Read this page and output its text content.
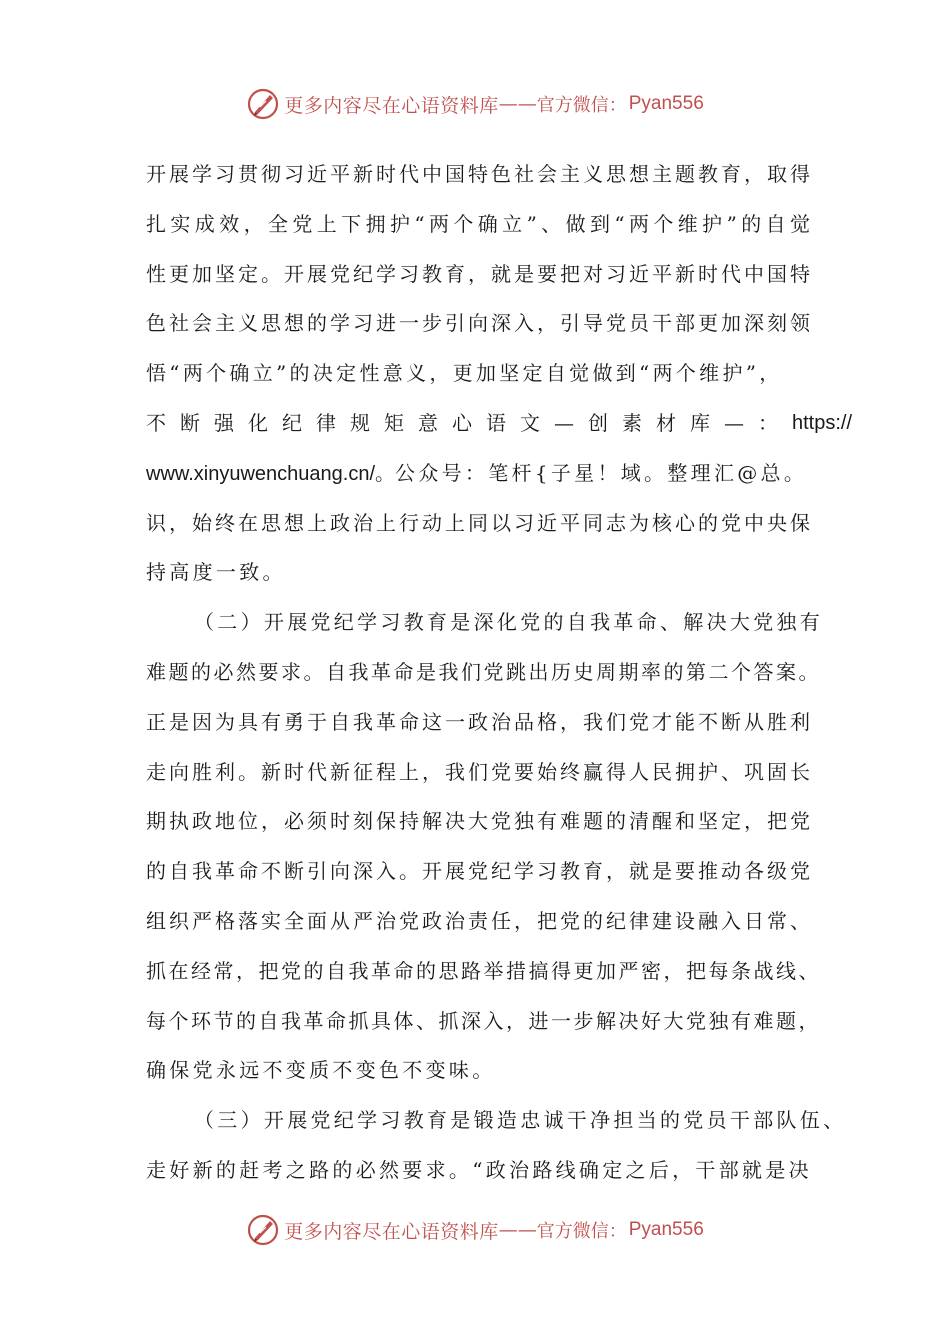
更多内容尽在心语资料库 —— 官方微信： Pyan556
开展学习贯彻习近平新时代中国特色社会主义思想主题教育，取得
扎实成效，全党上下拥护“两个确立”、做到“两个维护”的自觉
性更加坚定。开展党纪学习教育，就是要把对习近平新时代中国特
色社会主义思想的学习进一步引向深入，引导党员干部更加深刻领
悟“两个确立”的决定性意义，更加坚定自觉做到“两个维护”，
不断强化纪律规矩意心语文—创素材库—： https://
www.xinyuwenchuang.cn/。公众号：笔杆{子星！域。整理汇@总。
识，始终在思想上政治上行动上同以习近平同志为核心的党中央保
持高度一致。
（二）开展党纪学习教育是深化党的自我革命、解决大党独有
难题的必然要求。自我革命是我们党跳出历史周期率的第二个答案。
正是因为具有勇于自我革命这一政治品格，我们党才能不断从胜利
走向胜利。新时代新征程上，我们党要始终赢得人民拥护、巩固长
期执政地位，必须时刻保持解决大党独有难题的清醒和坚定，把党
的自我革命不断引向深入。开展党纪学习教育，就是要推动各级党
组织严格落实全面从严治党政治责任，把党的纪律建设融入日常、
抓在经常，把党的自我革命的思路举措搞得更加严密，把每条战线、
每个环节的自我革命抓具体、抓深入，进一步解决好大党独有难题，
确保党永远不变质不变色不变味。
（三）开展党纪学习教育是锻造忠诚干净担当的党员干部队伍、
走好新的赶考之路的必然要求。“政治路线确定之后，干部就是决
更多内容尽在心语资料库 —— 官方微信： Pyan556
